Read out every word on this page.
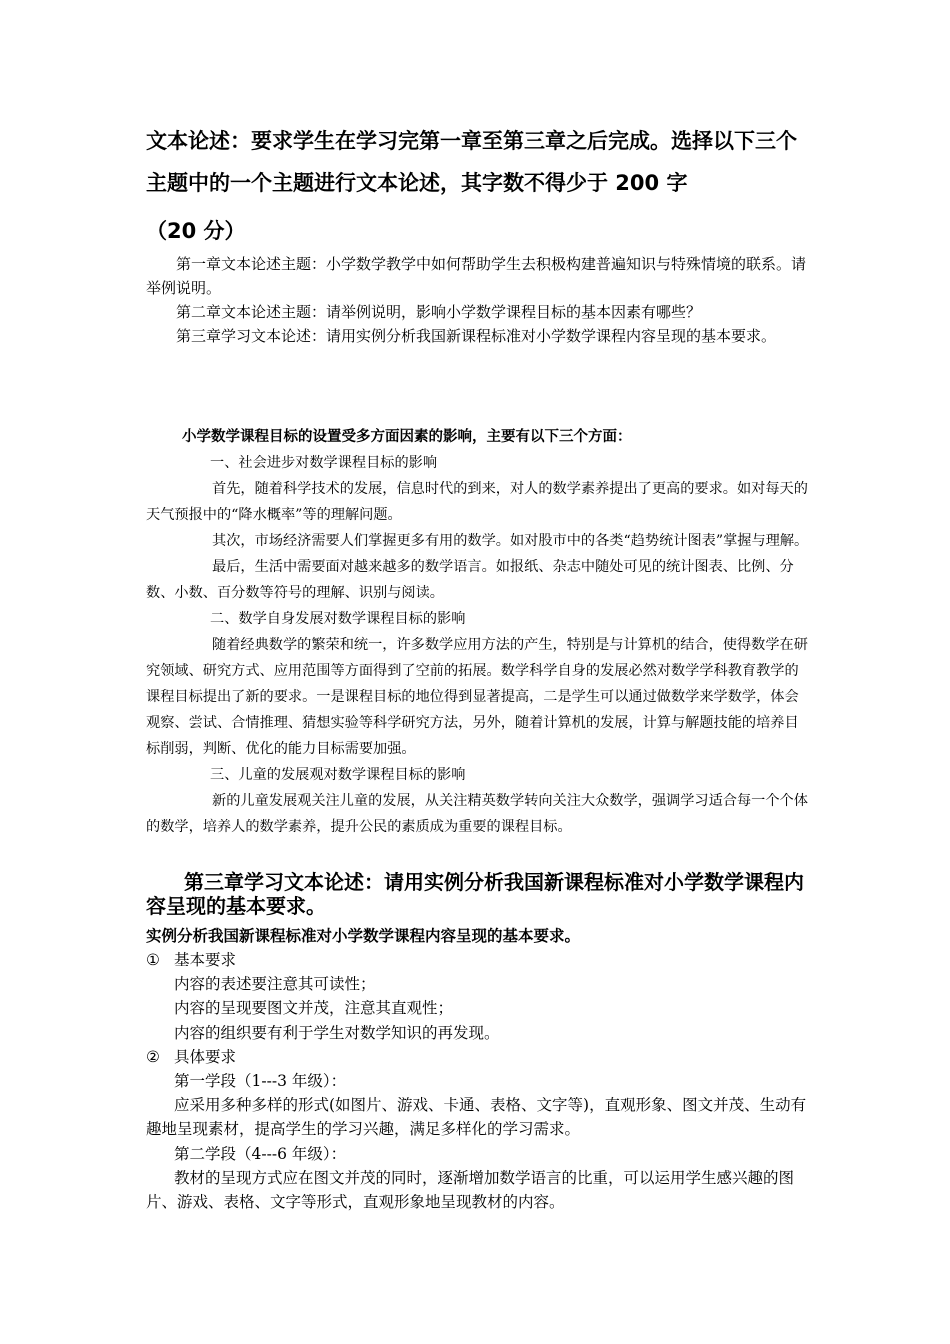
文本论述：要求学生在学习完第一章至第三章之后完成。选择以下三个主题中的一个主题进行文本论述，其字数不得少于 200 字
（20 分）

第一章文本论述主题：小学数学教学中如何帮助学生去积极构建普遍知识与特殊情境的联系。请举例说明。

第二章文本论述主题：请举例说明，影响小学数学课程目标的基本因素有哪些？

第三章学习文本论述：请用实例分析我国新课程标准对小学数学课程内容呈现的基本要求。

小学数学课程目标的设置受多方面因素的影响，主要有以下三个方面：

一、社会进步对数学课程目标的影响

首先，随着科学技术的发展，信息时代的到来，对人的数学素养提出了更高的要求。如对每天的天气预报中的“降水概率”等的理解问题。

其次，市场经济需要人们掌握更多有用的数学。如对股市中的各类“趋势统计图表”掌握与理解。

最后，生活中需要面对越来越多的数学语言。如报纸、杂志中随处可见的统计图表、比例、分数、小数、百分数等符号的理解、识别与阅读。

二、数学自身发展对数学课程目标的影响

随着经典数学的繁荣和统一，许多数学应用方法的产生，特别是与计算机的结合，使得数学在研究领域、研究方式、应用范围等方面得到了空前的拓展。数学科学自身的发展必然对数学学科教育教学的课程目标提出了新的要求。一是课程目标的地位得到显著提高，二是学生可以通过做数学来学数学，体会观察、尝试、合情推理、猜想实验等科学研究方法，另外，随着计算机的发展，计算与解题技能的培养目标削弱，判断、优化的能力目标需要加强。

三、儿童的发展观对数学课程目标的影响

新的儿童发展观关注儿童的发展，从关注精英数学转向关注大众数学，强调学习适合每一个个体的数学，培养人的数学素养，提升公民的素质成为重要的课程目标。

第三章学习文本论述：请用实例分析我国新课程标准对小学数学课程内容呈现的基本要求。

实例分析我国新课程标准对小学数学课程内容呈现的基本要求。

① 基本要求

内容的表述要注意其可读性；

内容的呈现要图文并茂，注意其直观性；

内容的组织要有利于学生对数学知识的再发现。

② 具体要求

第一学段（1---3 年级）：

应采用多种多样的形式(如图片、游戏、卡通、表格、文字等)，直观形象、图文并茂、生动有趣地呈现素材，提高学生的学习兴趣，满足多样化的学习需求。

第二学段（4---6 年级）：

教材的呈现方式应在图文并茂的同时，逐渐增加数学语言的比重，可以运用学生感兴趣的图片、游戏、表格、文字等形式，直观形象地呈现教材的内容。
